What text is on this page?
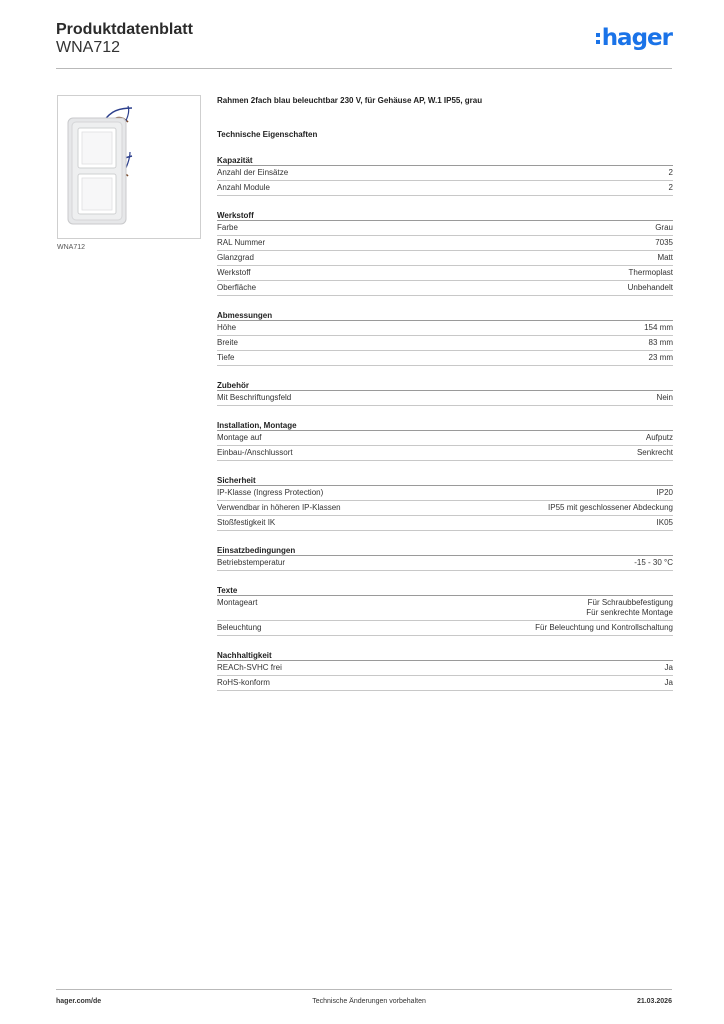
Produktdatenblatt
WNA712	hager
WNA712
Rahmen 2fach blau beleuchtbar 230 V, für Gehäuse AP, W.1 IP55, grau
Technische Eigenschaften
Kapazität
Anzahl der Einsätze	2
Anzahl Module	2
Werkstoff
Farbe	Grau
RAL Nummer	7035
Glanzgrad	Matt
Werkstoff	Thermoplast
Oberfläche	Unbehandelt
Abmessungen
Höhe	154 mm
Breite	83 mm
Tiefe	23 mm
Zubehör
Mit Beschriftungsfeld	Nein
Installation, Montage
Montage auf	Aufputz
Einbau-/Anschlussort	Senkrecht
Sicherheit
IP-Klasse (Ingress Protection)	IP20
Verwendbar in höheren IP-Klassen	IP55 mit geschlossener Abdeckung
Stoßfestigkeit IK	IK05
Einsatzbedingungen
Betriebstemperatur	-15 - 30 °C
Texte
Montageart	Für Schraubbefestigung
Für senkrechte Montage
Beleuchtung	Für Beleuchtung und Kontrollschaltung
Nachhaltigkeit
REACh-SVHC frei	Ja
RoHS-konform	Ja
hager.com/de	Technische Änderungen vorbehalten	21.03.2026
